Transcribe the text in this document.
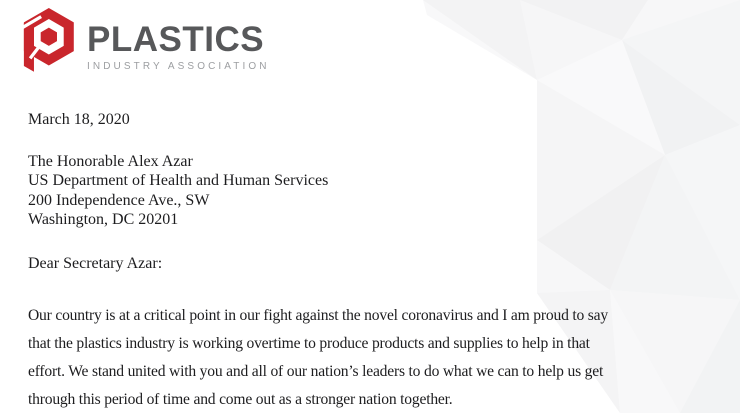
PLASTICS
INDUSTRY ASSOCIATION
March 18, 2020
The Honorable Alex Azar
US Department of Health and Human Services
200 Independence Ave., SW
Washington, DC 20201
Dear Secretary Azar:
Our country is at a critical point in our fight against the novel coronavirus and I am proud to say
that the plastics industry is working overtime to produce products and supplies to help in that
effort. We stand united with you and all of our nation’s leaders to do what we can to help us get
through this period of time and come out as a stronger nation together.
